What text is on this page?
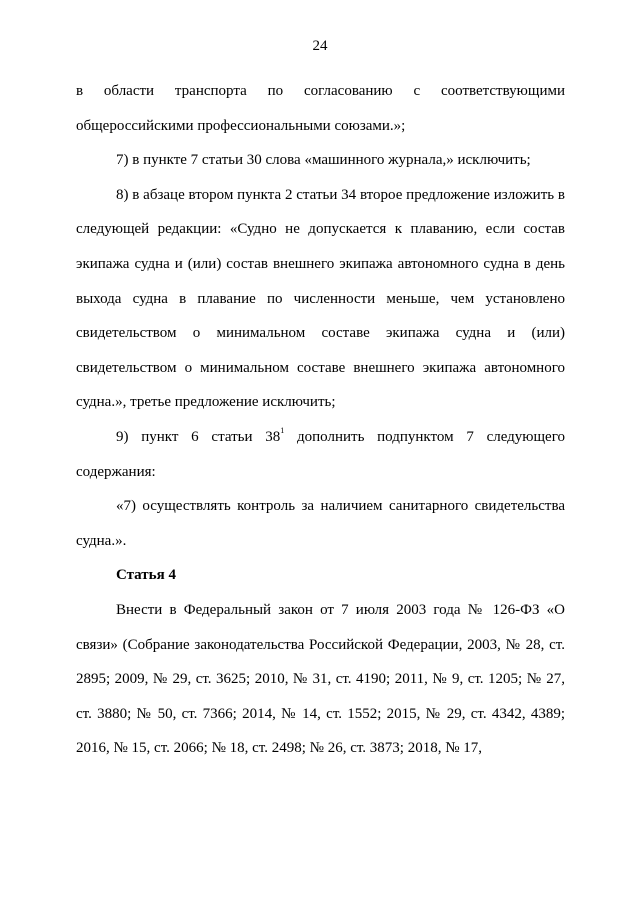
24

в области транспорта по согласованию с соответствующими общероссийскими профессиональными союзами.»;

7) в пункте 7 статьи 30 слова «машинного журнала,» исключить;

8) в абзаце втором пункта 2 статьи 34 второе предложение изложить в следующей редакции: «Судно не допускается к плаванию, если состав экипажа судна и (или) состав внешнего экипажа автономного судна в день выхода судна в плавание по численности меньше, чем установлено свидетельством о минимальном составе экипажа судна и (или) свидетельством о минимальном составе внешнего экипажа автономного судна.», третье предложение исключить;

9) пункт 6 статьи $38^1$ дополнить подпунктом 7 следующего содержания:

«7) осуществлять контроль за наличием санитарного свидетельства судна.».

Статья 4

Внести в Федеральный закон от 7 июля 2003 года № 126-ФЗ «О связи» (Собрание законодательства Российской Федерации, 2003, № 28, ст. 2895; 2009, № 29, ст. 3625; 2010, № 31, ст. 4190; 2011, № 9, ст. 1205; № 27, ст. 3880; № 50, ст. 7366; 2014, № 14, ст. 1552; 2015, № 29, ст. 4342, 4389; 2016, № 15, ст. 2066; № 18, ст. 2498; № 26, ст. 3873; 2018, № 17,
